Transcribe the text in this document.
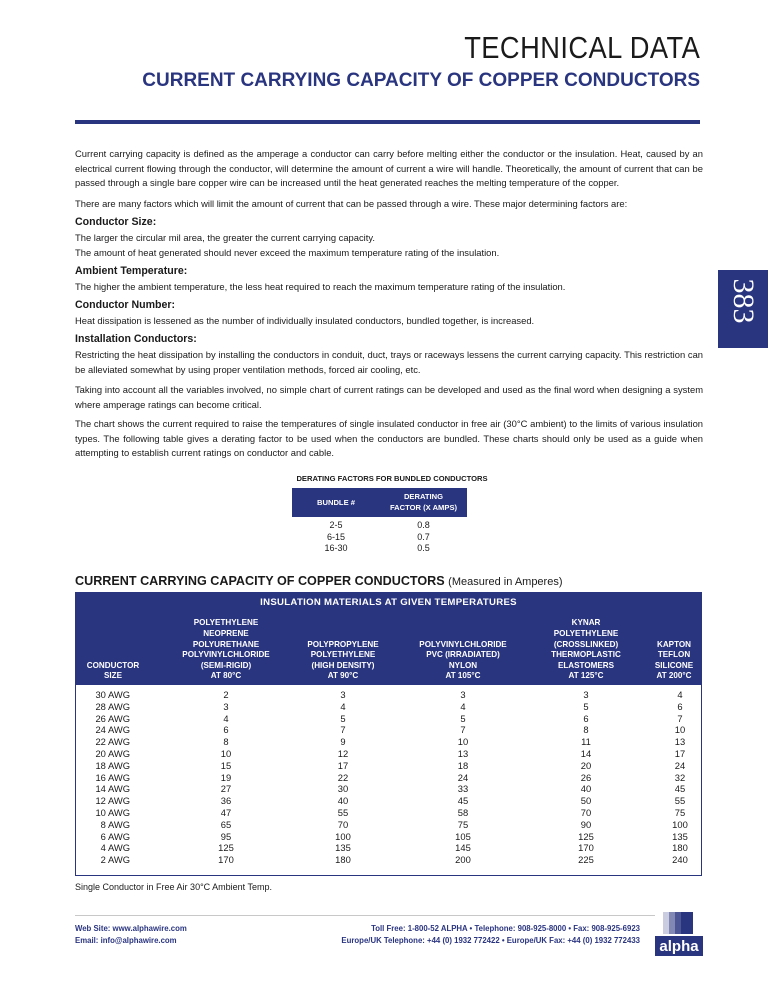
TECHNICAL DATA
CURRENT CARRYING CAPACITY OF COPPER CONDUCTORS
383
Current carrying capacity is defined as the amperage a conductor can carry before melting either the conductor or the insulation. Heat, caused by an electrical current flowing through the conductor, will determine the amount of current a wire will handle. Theoretically, the amount of current that can be passed through a single bare copper wire can be increased until the heat generated reaches the melting temperature of the copper.
There are many factors which will limit the amount of current that can be passed through a wire. These major determining factors are:
Conductor Size:
The larger the circular mil area, the greater the current carrying capacity.
The amount of heat generated should never exceed the maximum temperature rating of the insulation.
Ambient Temperature:
The higher the ambient temperature, the less heat required to reach the maximum temperature rating of the insulation.
Conductor Number:
Heat dissipation is lessened as the number of individually insulated conductors, bundled together, is increased.
Installation Conductors:
Restricting the heat dissipation by installing the conductors in conduit, duct, trays or raceways lessens the current carrying capacity. This restriction can be alleviated somewhat by using proper ventilation methods, forced air cooling, etc.
Taking into account all the variables involved, no simple chart of current ratings can be developed and used as the final word when designing a system where amperage ratings can become critical.
The chart shows the current required to raise the temperatures of single insulated conductor in free air (30°C ambient) to the limits of various insulation types. The following table gives a derating factor to be used when the conductors are bundled. These charts should only be used as a guide when attempting to establish current ratings on conductor and cable.
DERATING FACTORS FOR BUNDLED CONDUCTORS
BUNDLE #
DERATING
FACTOR (X AMPS)
2-5	0.8
6-15	0.7
16-30	0.5
CURRENT CARRYING CAPACITY OF COPPER CONDUCTORS (Measured in Amperes)
INSULATION MATERIALS AT GIVEN TEMPERATURES
CONDUCTOR
SIZE
POLYETHYLENE
NEOPRENE
POLYURETHANE
POLYVINYLCHLORIDE
(SEMI-RIGID)
AT 80°C
POLYPROPYLENE
POLYETHYLENE
(HIGH DENSITY)
AT 90°C
POLYVINYLCHLORIDE
PVC (IRRADIATED)
NYLON
AT 105°C
KYNAR
POLYETHYLENE
(CROSSLINKED)
THERMOPLASTIC
ELASTOMERS
AT 125°C
KAPTON
TEFLON
SILICONE
AT 200°C
30 AWG	2	3	3	3	4
28 AWG	3	4	4	5	6
26 AWG	4	5	5	6	7
24 AWG	6	7	7	8	10
22 AWG	8	9	10	11	13
20 AWG	10	12	13	14	17
18 AWG	15	17	18	20	24
16 AWG	19	22	24	26	32
14 AWG	27	30	33	40	45
12 AWG	36	40	45	50	55
10 AWG	47	55	58	70	75
8 AWG	65	70	75	90	100
6 AWG	95	100	105	125	135
4 AWG	125	135	145	170	180
2 AWG	170	180	200	225	240
Single Conductor in Free Air 30°C Ambient Temp.
Web Site: www.alphawire.com
Email: info@alphawire.com
Toll Free: 1-800-52 ALPHA • Telephone: 908-925-8000 • Fax: 908-925-6923
Europe/UK Telephone: +44 (0) 1932 772422 • Europe/UK Fax: +44 (0) 1932 772433 alpha
